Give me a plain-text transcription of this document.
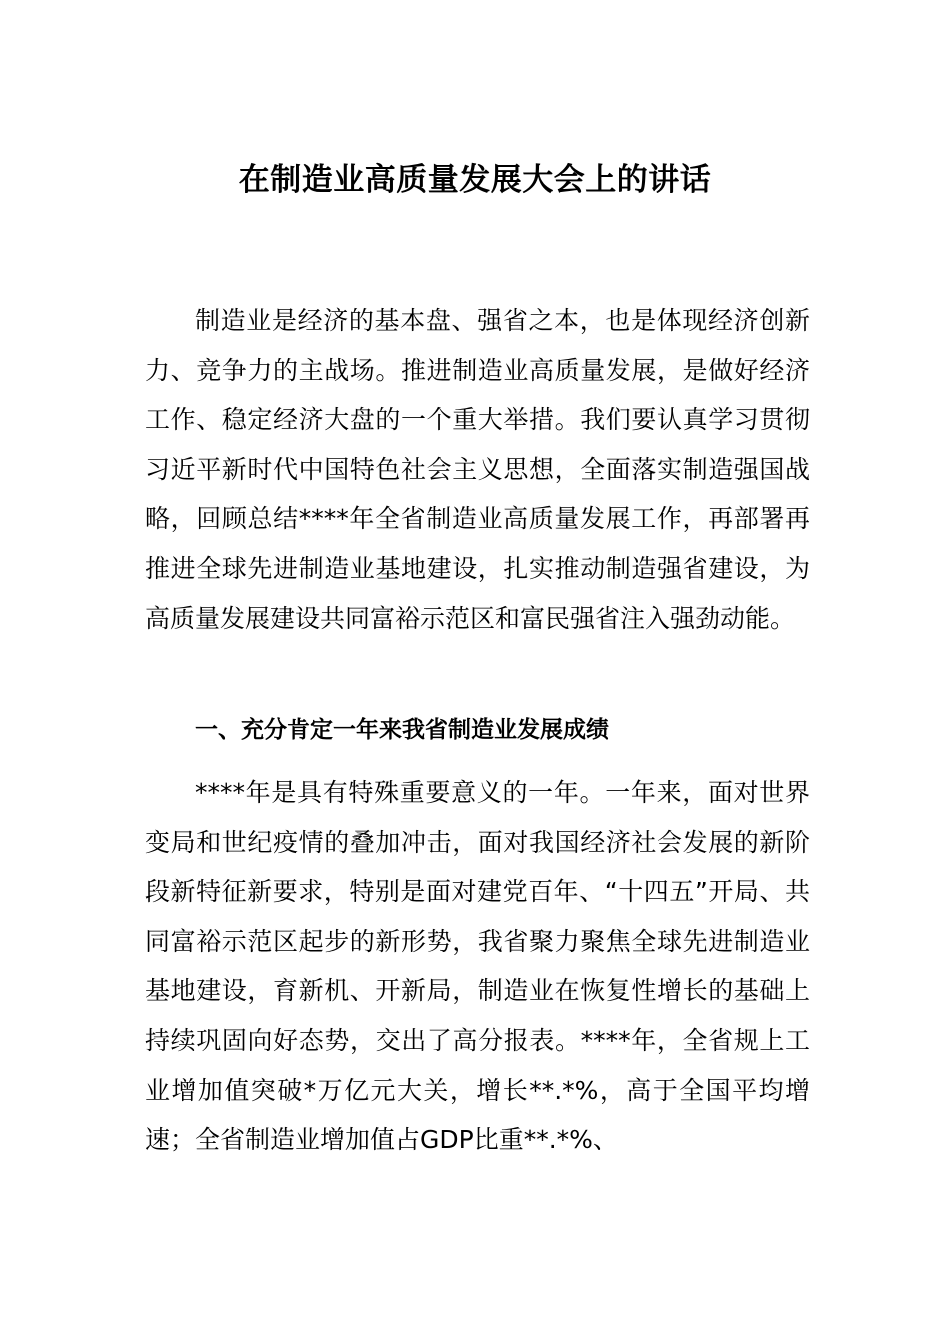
在制造业高质量发展大会上的讲话

制造业是经济的基本盘、强省之本，也是体现经济创新力、竞争力的主战场。推进制造业高质量发展，是做好经济工作、稳定经济大盘的一个重大举措。我们要认真学习贯彻习近平新时代中国特色社会主义思想，全面落实制造强国战略，回顾总结****年全省制造业高质量发展工作，再部署再推进全球先进制造业基地建设，扎实推动制造强省建设，为高质量发展建设共同富裕示范区和富民强省注入强劲动能。

一、充分肯定一年来我省制造业发展成绩

****年是具有特殊重要意义的一年。一年来，面对世界变局和世纪疫情的叠加冲击，面对我国经济社会发展的新阶段新特征新要求，特别是面对建党百年、“十四五”开局、共同富裕示范区起步的新形势，我省聚力聚焦全球先进制造业基地建设，育新机、开新局，制造业在恢复性增长的基础上持续巩固向好态势，交出了高分报表。****年，全省规上工业增加值突破*万亿元大关，增长**.*%，高于全国平均增速；全省制造业增加值占GDP比重**.*%、
